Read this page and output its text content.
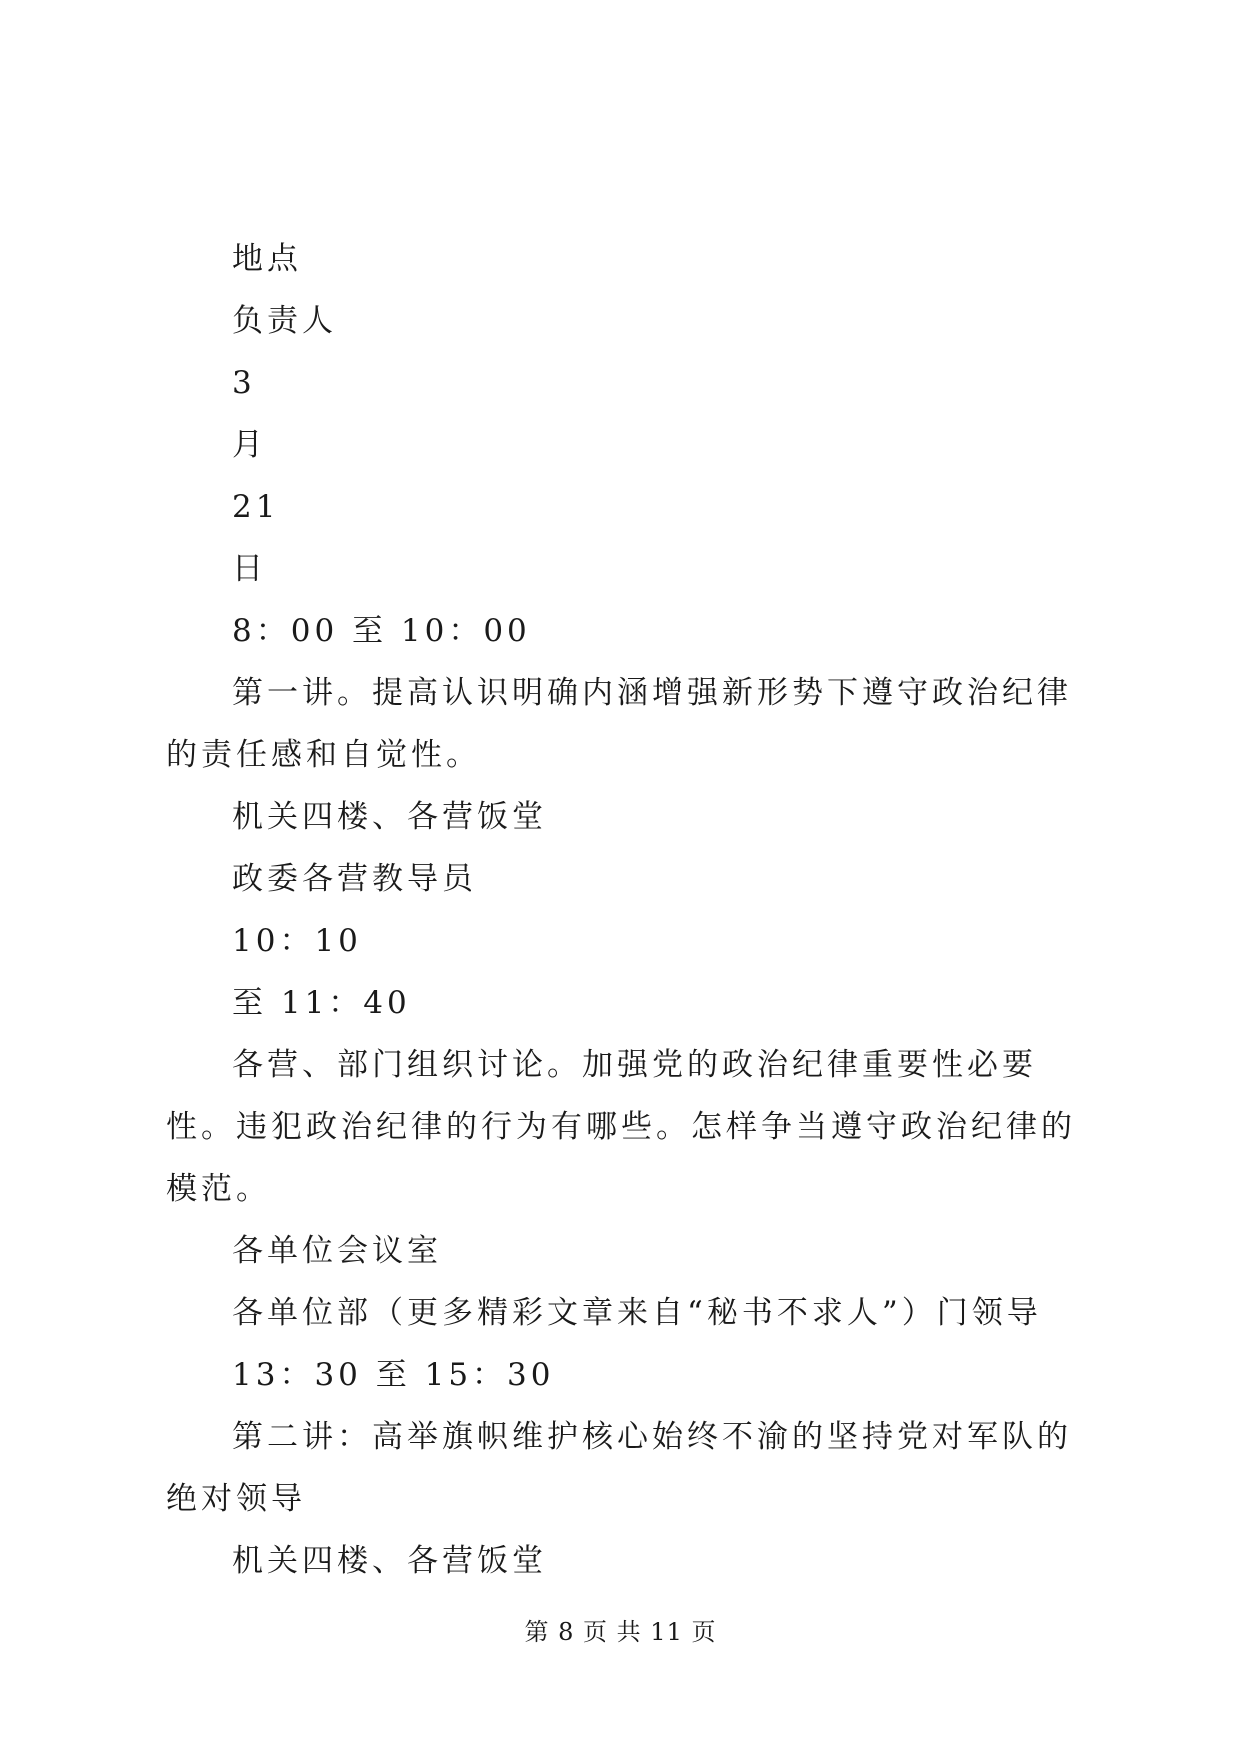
地点
负责人
3
月
21
日
8：00 至 10：00
第一讲。提高认识明确内涵增强新形势下遵守政治纪律的责任感和自觉性。
机关四楼、各营饭堂
政委各营教导员
10：10
至 11：40
各营、部门组织讨论。加强党的政治纪律重要性必要性。违犯政治纪律的行为有哪些。怎样争当遵守政治纪律的模范。
各单位会议室
各单位部（更多精彩文章来自“秘书不求人”）门领导
13：30 至 15：30
第二讲：高举旗帜维护核心始终不渝的坚持党对军队的绝对领导
机关四楼、各营饭堂
第 8 页 共 11 页
